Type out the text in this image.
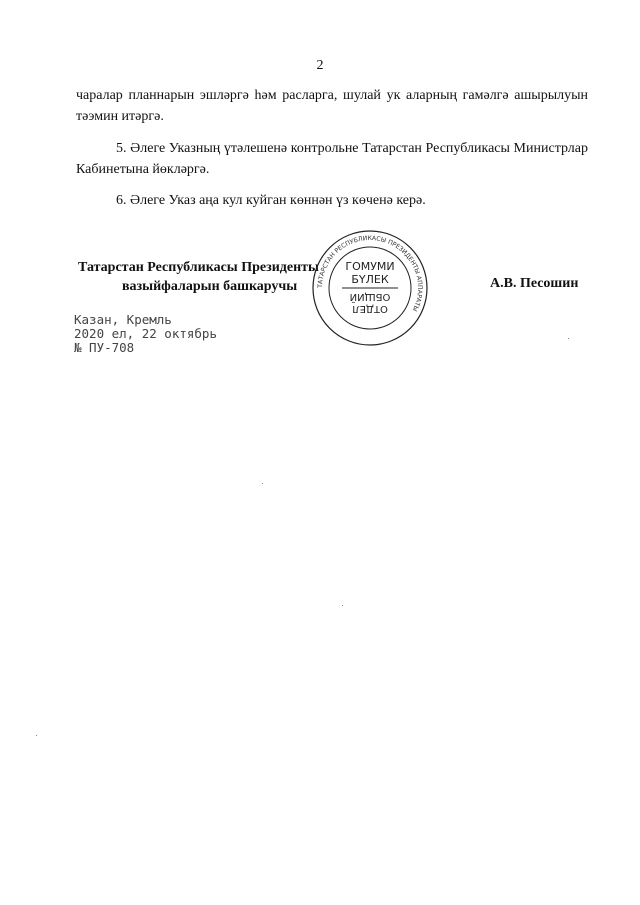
2
чаралар планнарын эшләргә һәм расларга, шулай ук аларның гамәлгә ашырылуын тәэмин итәргә.
5. Әлеге Указның үтәлешенә контрольне Татарстан Республикасы Министрлар Кабинетына йөкләргә.
6. Әлеге Указ аңа кул куйган көннән үз көченә керә.
Татарстан Республикасы Президенты
вазыйфаларын башкаручы	А.В. Песошин
ТАТАРСТАН РЕСПУБЛИКАСЫ ПРЕЗИДЕНТЫ АППАРАТЫ
ГОМУМИ
БҮЛЕК
ОТДЕЛ
ОБЩИЙ
Казан, Кремль
2020 ел, 22 октябрь
№ ПУ-708
